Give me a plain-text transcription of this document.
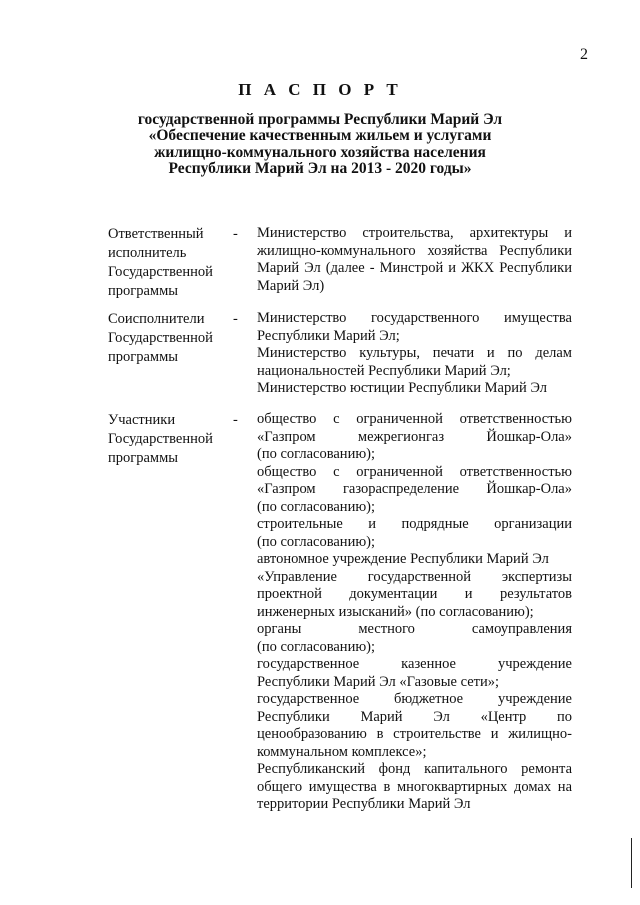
2
П А С П О Р Т
государственной программы Республики Марий Эл
«Обеспечение качественным жильем и услугами
жилищно-коммунального хозяйства населения
Республики Марий Эл на 2013 - 2020 годы»
Ответственный
исполнитель
Государственной
программы
- Министерство строительства, архитектуры и
жилищно-коммунального хозяйства Республики
Марий Эл (далее - Минстрой и ЖКХ Республики
Марий Эл)
Соисполнители
Государственной
программы
- Министерство государственного имущества
Республики Марий Эл;
Министерство культуры, печати и по делам
национальностей Республики Марий Эл;
Министерство юстиции Республики Марий Эл
Участники
Государственной
программы
- общество с ограниченной ответственностью
«Газпром межрегионгаз Йошкар-Ола»
(по согласованию);
общество с ограниченной ответственностью
«Газпром газораспределение Йошкар-Ола»
(по согласованию);
строительные и подрядные организации
(по согласованию);
автономное учреждение Республики Марий Эл
«Управление государственной экспертизы
проектной документации и результатов
инженерных изысканий» (по согласованию);
органы местного самоуправления
(по согласованию);
государственное казенное учреждение
Республики Марий Эл «Газовые сети»;
государственное бюджетное учреждение
Республики Марий Эл «Центр по
ценообразованию в строительстве и жилищно-
коммунальном комплексе»;
Республиканский фонд капитального ремонта
общего имущества в многоквартирных домах на
территории Республики Марий Эл
